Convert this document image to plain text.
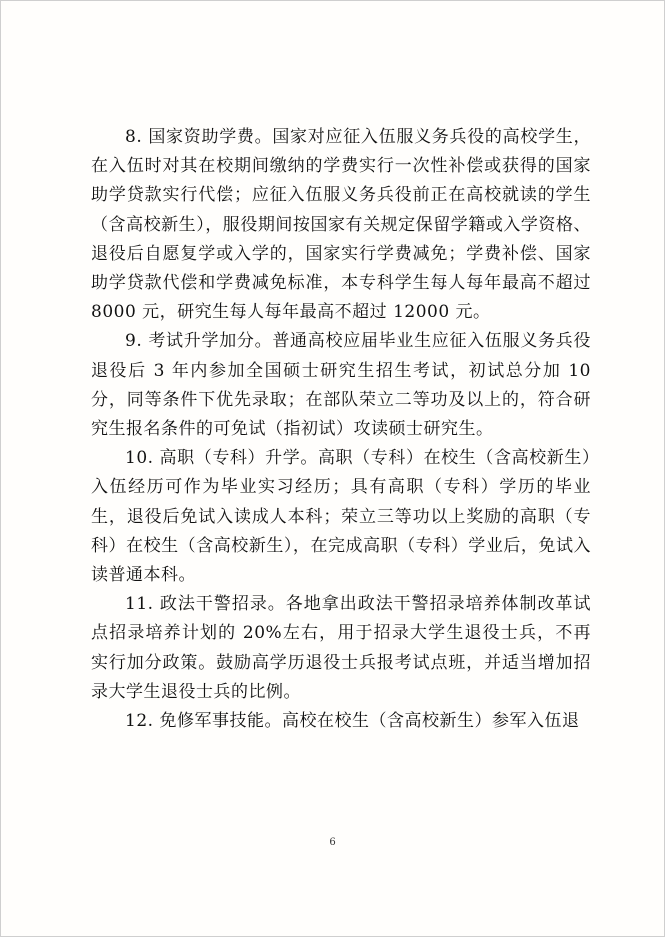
8. 国家资助学费。国家对应征入伍服义务兵役的高校学生，在入伍时对其在校期间缴纳的学费实行一次性补偿或获得的国家助学贷款实行代偿；应征入伍服义务兵役前正在高校就读的学生（含高校新生），服役期间按国家有关规定保留学籍或入学资格、退役后自愿复学或入学的，国家实行学费减免；学费补偿、国家助学贷款代偿和学费减免标准，本专科学生每人每年最高不超过 8000 元，研究生每人每年最高不超过 12000 元。

9. 考试升学加分。普通高校应届毕业生应征入伍服义务兵役退役后 3 年内参加全国硕士研究生招生考试，初试总分加 10 分，同等条件下优先录取；在部队荣立二等功及以上的，符合研究生报名条件的可免试（指初试）攻读硕士研究生。

10. 高职（专科）升学。高职（专科）在校生（含高校新生）入伍经历可作为毕业实习经历；具有高职（专科）学历的毕业生，退役后免试入读成人本科；荣立三等功以上奖励的高职（专科）在校生（含高校新生），在完成高职（专科）学业后，免试入读普通本科。

11. 政法干警招录。各地拿出政法干警招录培养体制改革试点招录培养计划的 20%左右，用于招录大学生退役士兵，不再实行加分政策。鼓励高学历退役士兵报考试点班，并适当增加招录大学生退役士兵的比例。

12. 免修军事技能。高校在校生（含高校新生）参军入伍退

6
